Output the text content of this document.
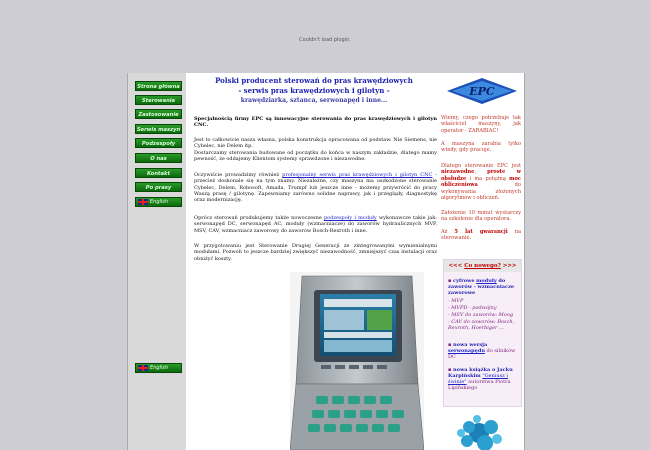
Couldn't load plugin.
Strona główna
Sterowania
Zastosowanie
Serwis maszyn
Podzespoły
O nas
Kontakt
Po prasy
English
English
Polski producent sterowań do pras krawędziowych
- serwis pras krawędziowych i gilotyn -
krawędziarka, sztanca, serwonapęd i inne...
Specjalnością firmy EPC są innowacyjne sterowania do pras krawędziowych i gilotyn CNC.
Jest to całkowicie nasza własna, polska konstrukcja opracowana od podstaw. Nie Siemens, nie Cybelec, nie Delem itp.
Dostarczamy sterowania budowane od początku do końca w naszym zakładzie, dlatego mamy pewność, że oddajemy Klientom systemy sprawdzone i niezawodne.
Oczywiście prowadzimy również profesjonalny serwis pras krawędziowych i gilotyn CNC - przecież doskonale się na tym znamy. Niezależne, czy maszyna ma uszkodzone sterowanie Cybelec, Delem, Robosoft, Amada, Trumpf lub jeszcze inne - możemy przywrócić do pracy Waszą prasę / gilotynę. Zapewniamy zarówno solidne naprawy, jak i przeglądy, diagnostykę oraz modernizację.
Oprócz sterowań produkujemy także nowoczesne podzespoły i moduły wykonawcze takie jak: serwonapęd DC, serwonapęd AC, moduły (wzmacniacze) do zaworów hydraulicznych MVP, MSV, CAV, wzmacniacz zaworowy do zaworów Bosch-Rexroth i inne.
W przygotowaniu jest Sterowanie Drugiej Generacji ze zintegrowanymi wymienialnymi modułami. Pozwoli to jeszcze bardziej zwiększyć niezawodność, zmniejszyć czas instalacji oraz obniżyć koszty.
EPC
Wiemy, czego potrzebuje tak właściciel maszyny, jak operator - ZARABIAĆ!
A maszyna zarabia tylko wtedy, gdy pracuje.
Dlatego sterowanie EPC jest niezawodne, proste w obsłudze i ma potężną moc obliczeniowa	do wykonywania złożonych algorytmów i obliczeń.
Założenie 10 minut wystarczy na szkolenie dla operatora.
Aż 5 lat gwarancji na sterowanie.
<<< Co nowego? >>>
▪ cyfrowe moduły do zaworów - wzmacniacze zaworowe
- MVP
- MVPD - podwójny
- MSV do zaworów: Moog
- CAV do zaworów: Bosch, Rexroth, Hoerbiger ...
▪ nowa wersja serwonapędu do silników DC
▪ nowa książka o Jacku Karpińskim "Geniusz i świnie" autorstwa Piotra Lipińskiego
